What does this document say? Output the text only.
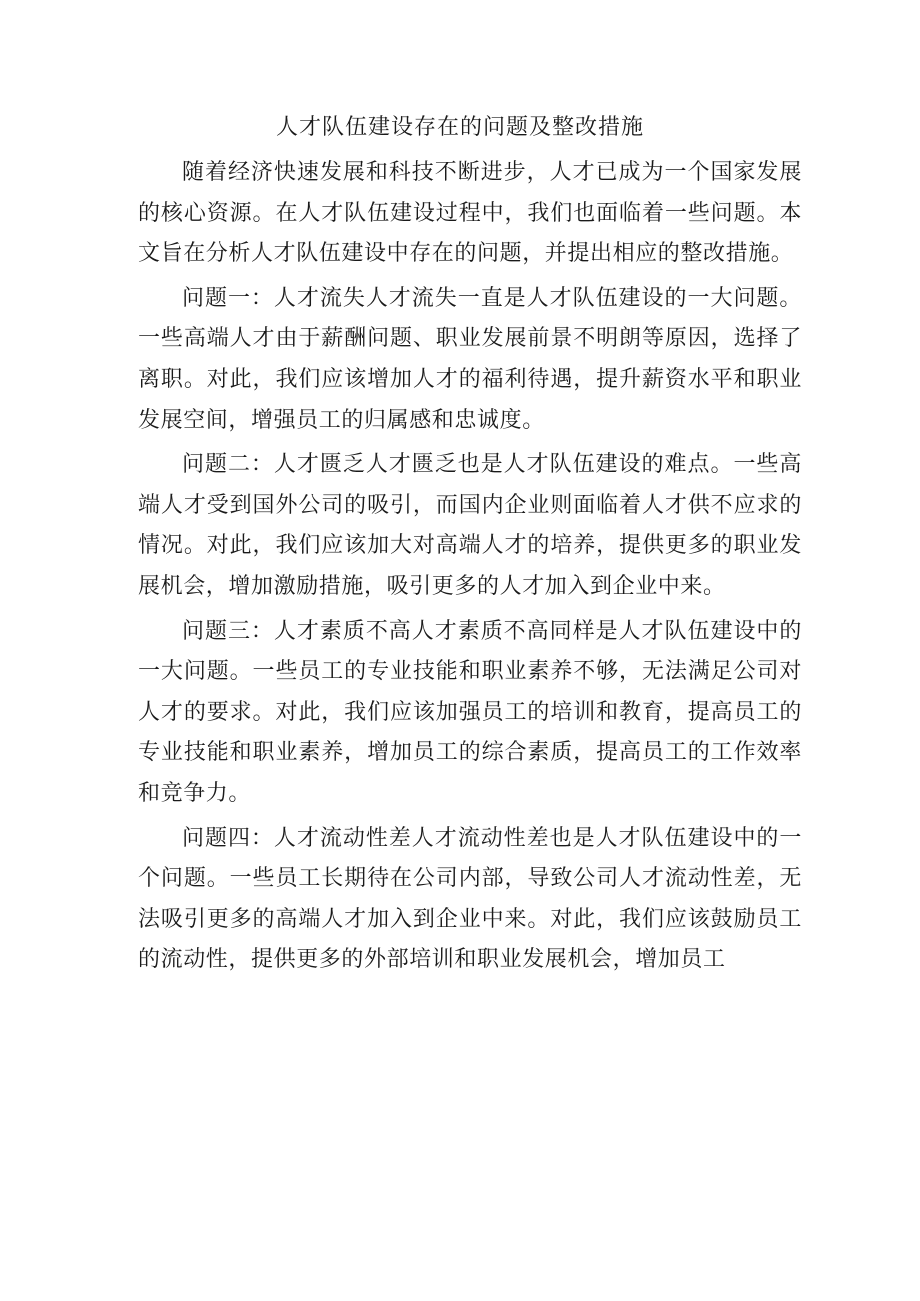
人才队伍建设存在的问题及整改措施

随着经济快速发展和科技不断进步，人才已成为一个国家发展的核心资源。在人才队伍建设过程中，我们也面临着一些问题。本文旨在分析人才队伍建设中存在的问题，并提出相应的整改措施。

问题一：人才流失人才流失一直是人才队伍建设的一大问题。一些高端人才由于薪酬问题、职业发展前景不明朗等原因，选择了离职。对此，我们应该增加人才的福利待遇，提升薪资水平和职业发展空间，增强员工的归属感和忠诚度。

问题二：人才匮乏人才匮乏也是人才队伍建设的难点。一些高端人才受到国外公司的吸引，而国内企业则面临着人才供不应求的情况。对此，我们应该加大对高端人才的培养，提供更多的职业发展机会，增加激励措施，吸引更多的人才加入到企业中来。

问题三：人才素质不高人才素质不高同样是人才队伍建设中的一大问题。一些员工的专业技能和职业素养不够，无法满足公司对人才的要求。对此，我们应该加强员工的培训和教育，提高员工的专业技能和职业素养，增加员工的综合素质，提高员工的工作效率和竞争力。

问题四：人才流动性差人才流动性差也是人才队伍建设中的一个问题。一些员工长期待在公司内部，导致公司人才流动性差，无法吸引更多的高端人才加入到企业中来。对此，我们应该鼓励员工的流动性，提供更多的外部培训和职业发展机会，增加员工
